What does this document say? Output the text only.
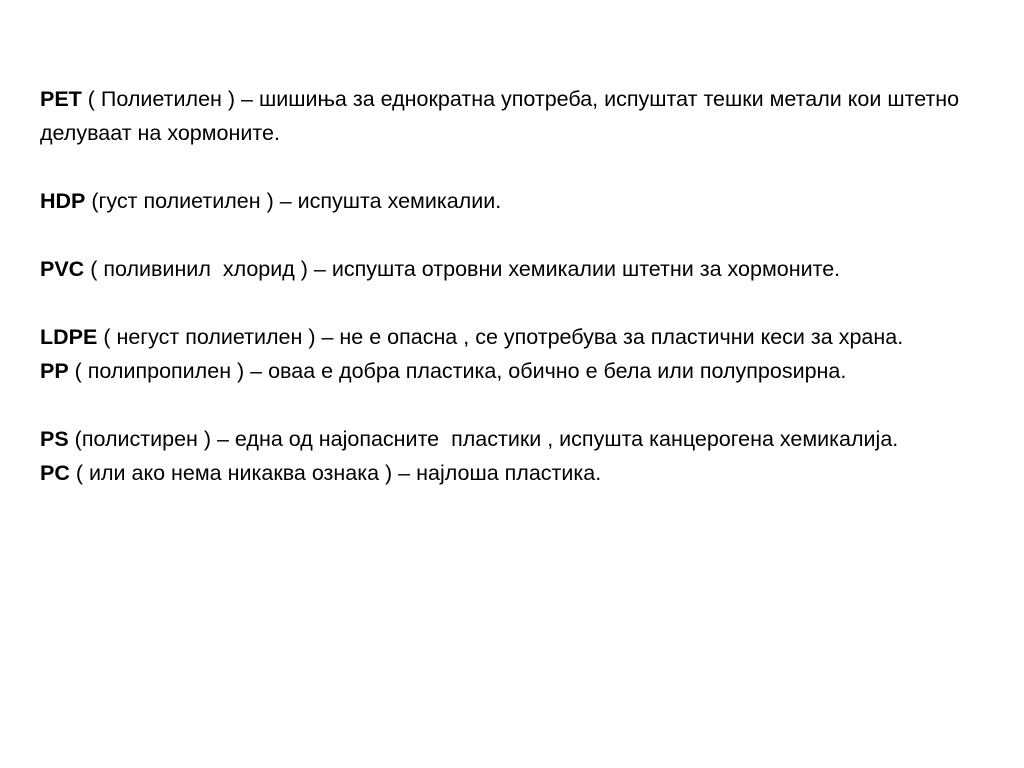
PET ( Полиетилен ) – шишиња за еднократна употреба, испуштат тешки метали кои штетно делуваат на хормоните.

HDP (густ полиетилен ) – испушта хемикалии.

PVC ( поливинил  хлорид ) – испушта отровни хемикалии штетни за хормоните.

LDPE ( негуст полиетилен ) – не е опасна , се употребува за пластични кеси за храна.

PP ( полипропилен ) – оваа е добра пластика, обично е бела или полупроsирна.

PS (полистирен ) – една од најопасните  пластики , испушта канцерогена хемикалија.

PC ( или ако нема никаква ознака ) – најлоша пластика.
